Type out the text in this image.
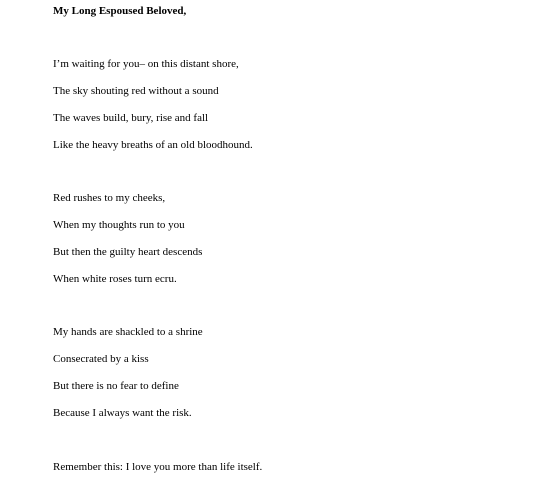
My Long Espoused Beloved,

I’m waiting for you– on this distant shore,

The sky shouting red without a sound

The waves build, bury, rise and fall

Like the heavy breaths of an old bloodhound.

Red rushes to my cheeks,

When my thoughts run to you

But then the guilty heart descends

When white roses turn ecru.

My hands are shackled to a shrine

Consecrated by a kiss

But there is no fear to define

Because I always want the risk.

Remember this: I love you more than life itself.
